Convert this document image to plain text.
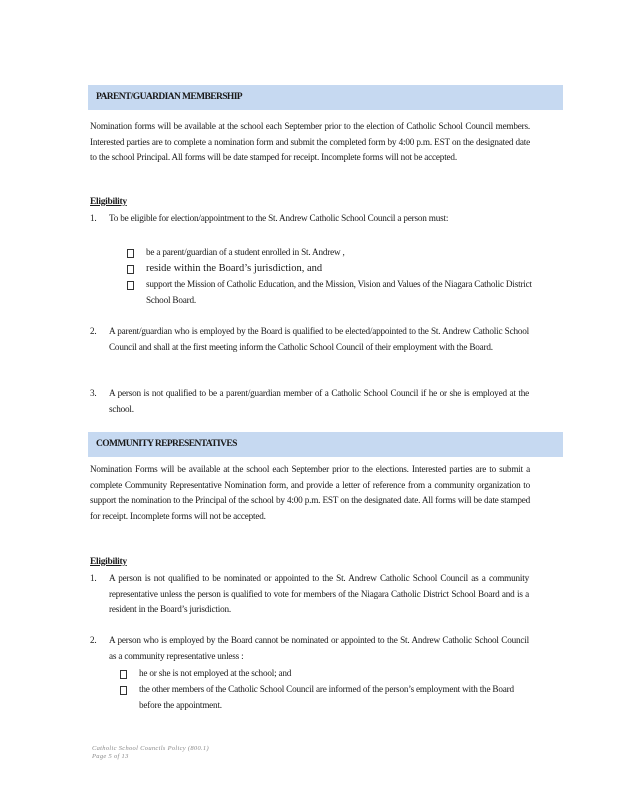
PARENT/GUARDIAN MEMBERSHIP
Nomination forms will be available at the school each September prior to the election of Catholic School Council members. Interested parties are to complete a nomination form and submit the completed form by 4:00 p.m. EST on the designated date to the school Principal. All forms will be date stamped for receipt. Incomplete forms will not be accepted.
Eligibility
1. To be eligible for election/appointment to the St. Andrew Catholic School Council a person must:
be a parent/guardian of a student enrolled in St. Andrew ,
reside within the Board’s jurisdiction, and
support the Mission of Catholic Education, and the Mission, Vision and Values of the Niagara Catholic District School Board.
2. A parent/guardian who is employed by the Board is qualified to be elected/appointed to the St. Andrew Catholic School Council and shall at the first meeting inform the Catholic School Council of their employment with the Board.
3. A person is not qualified to be a parent/guardian member of a Catholic School Council if he or she is employed at the school.
COMMUNITY REPRESENTATIVES
Nomination Forms will be available at the school each September prior to the elections. Interested parties are to submit a complete Community Representative Nomination form, and provide a letter of reference from a community organization to support the nomination to the Principal of the school by 4:00 p.m. EST on the designated date. All forms will be date stamped for receipt. Incomplete forms will not be accepted.
Eligibility
1. A person is not qualified to be nominated or appointed to the St. Andrew Catholic School Council as a community representative unless the person is qualified to vote for members of the Niagara Catholic District School Board and is a resident in the Board’s jurisdiction.
2. A person who is employed by the Board cannot be nominated or appointed to the St. Andrew Catholic School Council as a community representative unless :
he or she is not employed at the school; and
the other members of the Catholic School Council are informed of the person’s employment with the Board before the appointment.
Catholic School Councils Policy (800.1)
Page 5 of 13
